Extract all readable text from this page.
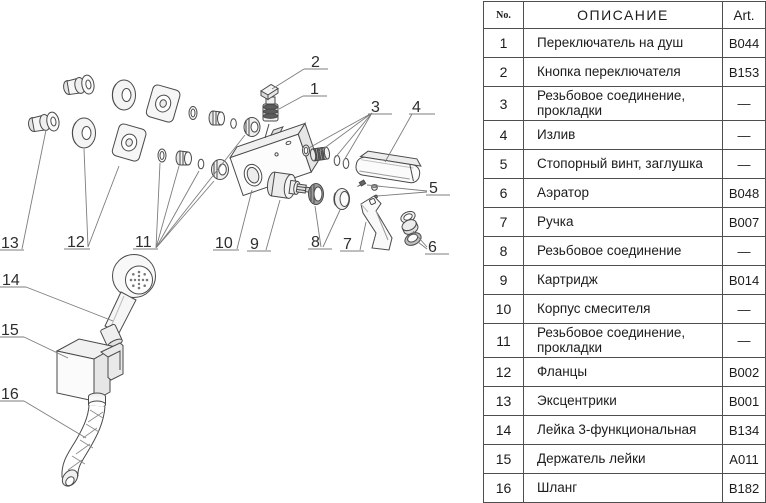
1
2
3 4
5
6
7
8
9
10
11
12
13
14
15
16
No.	ОПИСАНИЕ	Art.
1	Переключатель на душ	B044
2	Кнопка переключателя	B153
3	Резьбовое соединение, прокладки	—
4	Излив	—
5	Стопорный винт, заглушка	—
6	Аэратор	B048
7	Ручка	B007
8	Резьбовое соединение	—
9	Картридж	B014
10	Корпус смесителя	—
11	Резьбовое соединение, прокладки	—
12	Фланцы	B002
13	Эксцентрики	B001
14	Лейка 3-функциональная	B134
15	Держатель лейки	A011
16	Шланг	B182
